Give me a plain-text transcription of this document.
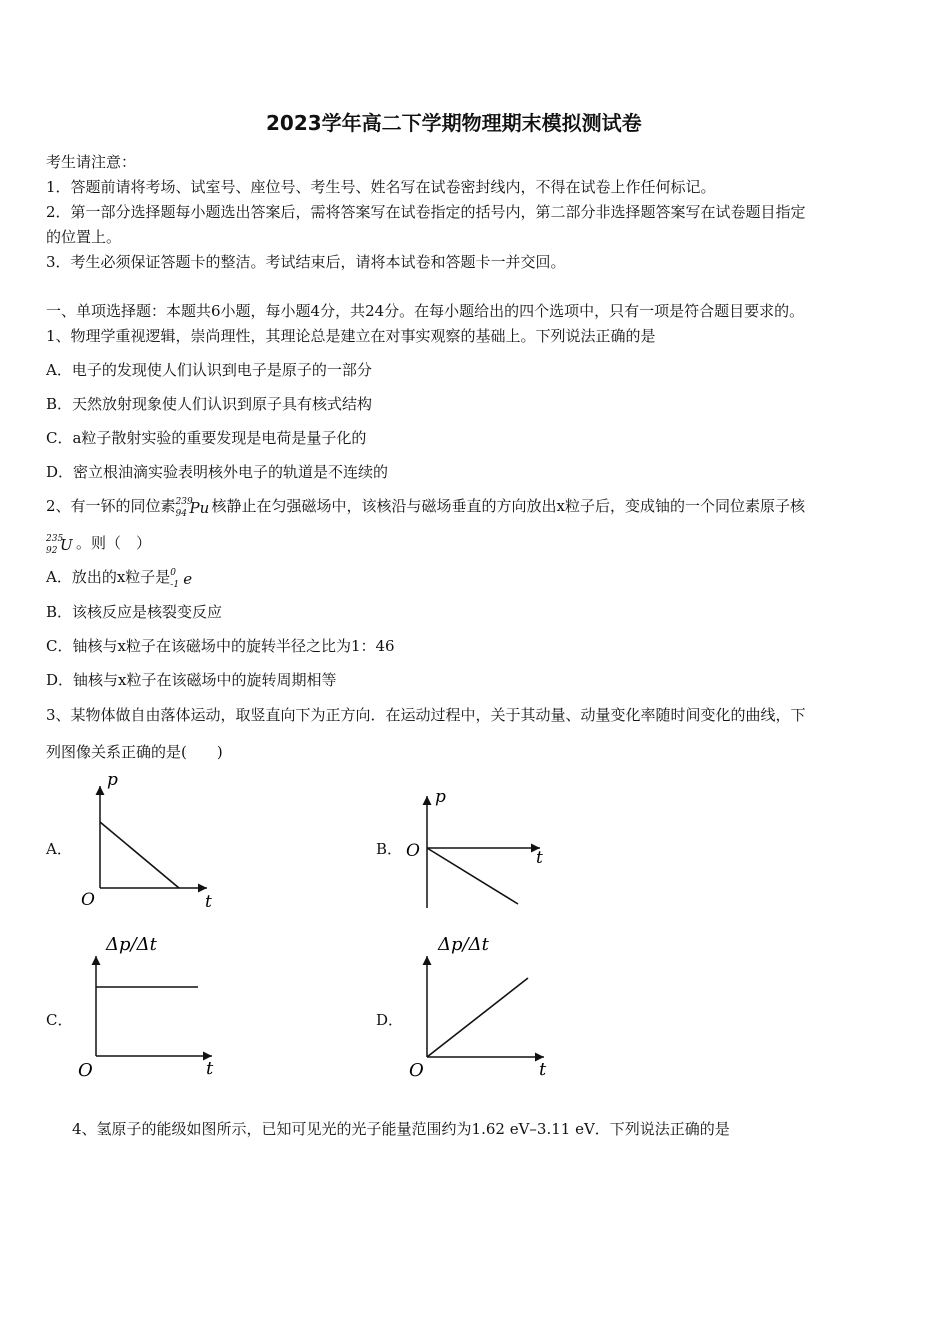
2023学年高二下学期物理期末模拟测试卷
考生请注意：
1．答题前请将考场、试室号、座位号、考生号、姓名写在试卷密封线内，不得在试卷上作任何标记。
2．第一部分选择题每小题选出答案后，需将答案写在试卷指定的括号内，第二部分非选择题答案写在试卷题目指定
的位置上。
3．考生必须保证答题卡的整洁。考试结束后，请将本试卷和答题卡一并交回。
一、单项选择题：本题共6小题，每小题4分，共24分。在每小题给出的四个选项中，只有一项是符合题目要求的。
1、物理学重视逻辑，崇尚理性，其理论总是建立在对事实观察的基础上。下列说法正确的是
A．电子的发现使人们认识到电子是原子的一部分
B．天然放射现象使人们认识到原子具有核式结构
C．a粒子散射实验的重要发现是电荷是量子化的
D．密立根油滴实验表明核外电子的轨道是不连续的
2、有一钚的同位素 239
94 Pu 核静止在匀强磁场中，该核沿与磁场垂直的方向放出x粒子后，变成铀的一个同位素原子核
235
92 U 。则（　）
A．放出的x粒子是 0
-1 e
B．该核反应是核裂变反应
C．铀核与x粒子在该磁场中的旋转半径之比为1：46
D．铀核与x粒子在该磁场中的旋转周期相等
3、某物体做自由落体运动，取竖直向下为正方向．在运动过程中，关于其动量、动量变化率随时间变化的曲线，下
列图像关系正确的是(　　)
A．
p
t
O
B．
p
t
O
C．
Δp/Δt
t
O
D．
Δp/Δt
t
O
4、氢原子的能级如图所示，已知可见光的光子能量范围约为1.62 eV–3.11 eV．下列说法正确的是
